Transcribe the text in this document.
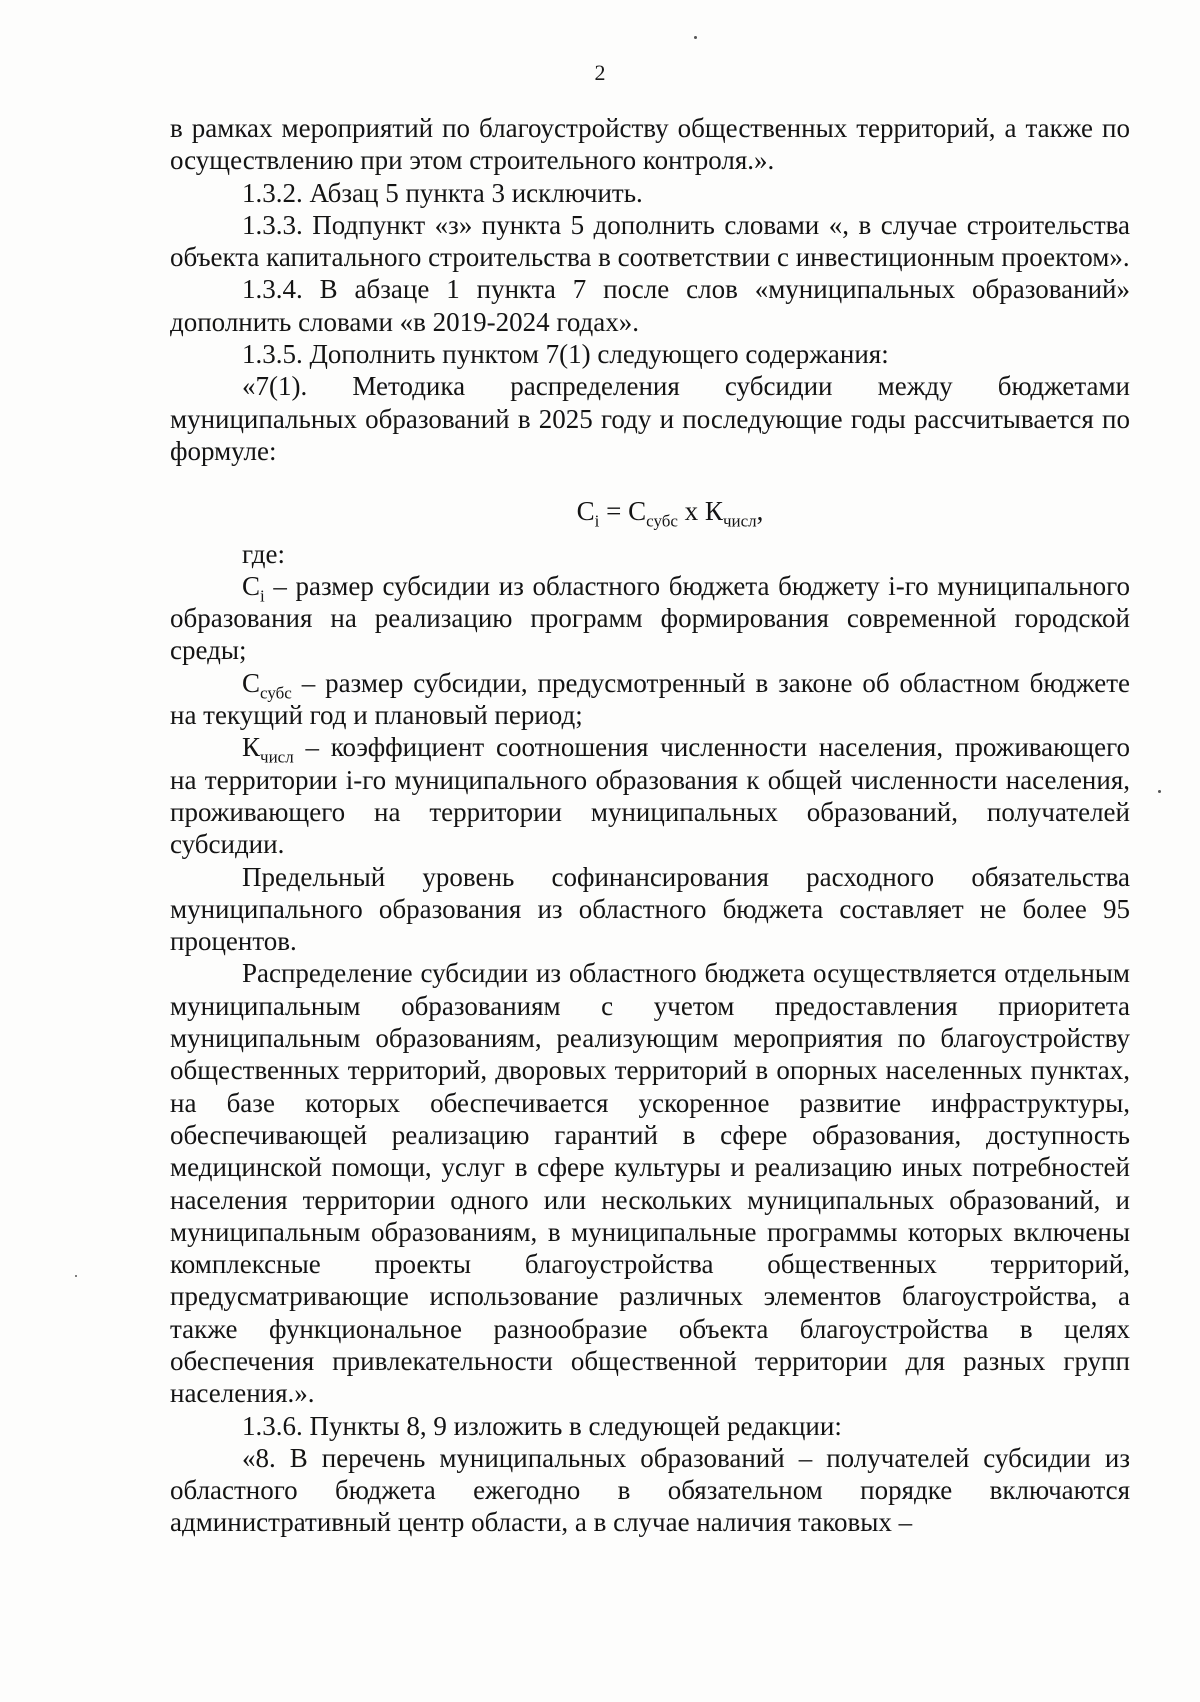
2

в рамках мероприятий по благоустройству общественных территорий, а также по осуществлению при этом строительного контроля.».

1.3.2. Абзац 5 пункта 3 исключить.

1.3.3. Подпункт «з» пункта 5 дополнить словами «, в случае строительства объекта капитального строительства в соответствии с инвестиционным проектом».

1.3.4. В абзаце 1 пункта 7 после слов «муниципальных образований» дополнить словами «в 2019-2024 годах».

1.3.5. Дополнить пунктом 7(1) следующего содержания:

«7(1). Методика распределения субсидии между бюджетами муниципальных образований в 2025 году и последующие годы рассчитывается по формуле:

$C_i = C_{субс}$ х $К_{числ}$,

где:

$C_i$ – размер субсидии из областного бюджета бюджету i-го муниципального образования на реализацию программ формирования современной городской среды;

$C_{субс}$ – размер субсидии, предусмотренный в законе об областном бюджете на текущий год и плановый период;

$К_{числ}$ – коэффициент соотношения численности населения, проживающего на территории i-го муниципального образования к общей численности населения, проживающего на территории муниципальных образований, получателей субсидии.

Предельный уровень софинансирования расходного обязательства муниципального образования из областного бюджета составляет не более 95 процентов.

Распределение субсидии из областного бюджета осуществляется отдельным муниципальным образованиям с учетом предоставления приоритета муниципальным образованиям, реализующим мероприятия по благоустройству общественных территорий, дворовых территорий в опорных населенных пунктах, на базе которых обеспечивается ускоренное развитие инфраструктуры, обеспечивающей реализацию гарантий в сфере образования, доступность медицинской помощи, услуг в сфере культуры и реализацию иных потребностей населения территории одного или нескольких муниципальных образований, и муниципальным образованиям, в муниципальные программы которых включены комплексные проекты благоустройства общественных территорий, предусматривающие использование различных элементов благоустройства, а также функциональное разнообразие объекта благоустройства в целях обеспечения привлекательности общественной территории для разных групп населения.».

1.3.6. Пункты 8, 9 изложить в следующей редакции:

«8. В перечень муниципальных образований – получателей субсидии из областного бюджета ежегодно в обязательном порядке включаются административный центр области, а в случае наличия таковых –
